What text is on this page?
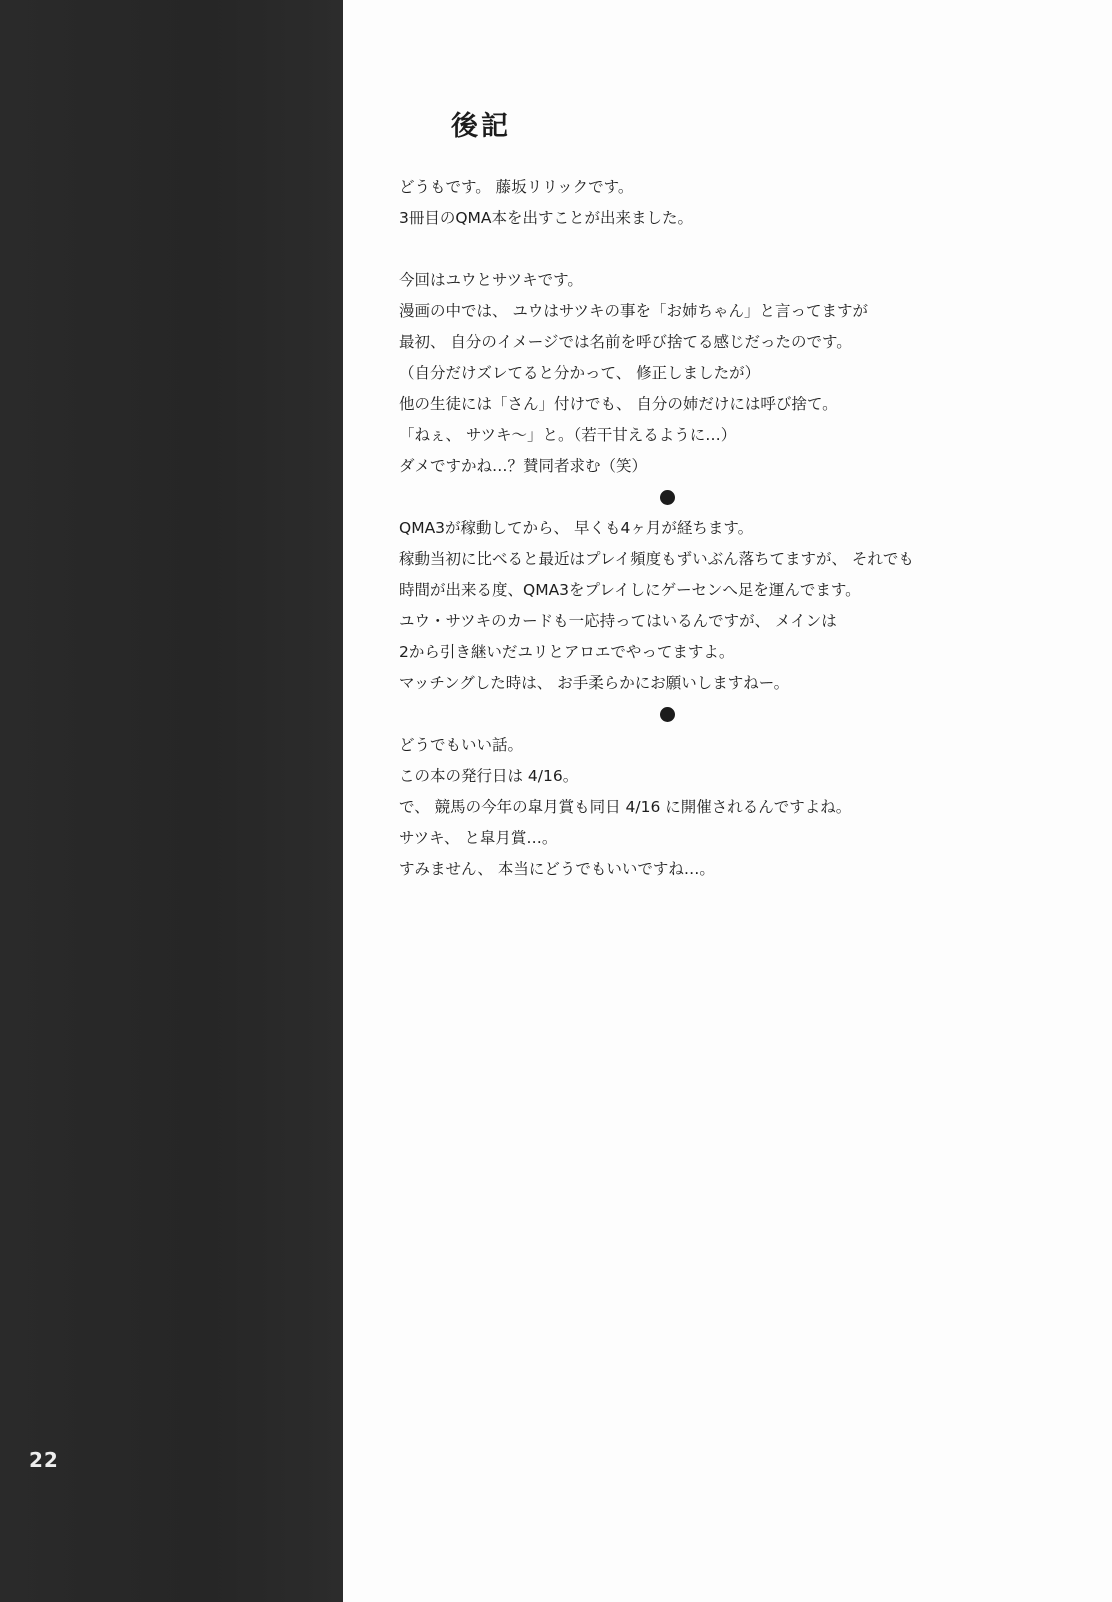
22
後記
どうもです。 藤坂リリックです。
3冊目のQMA本を出すことが出来ました。
今回はユウとサツキです。
漫画の中では、 ユウはサツキの事を「お姉ちゃん」と言ってますが
最初、 自分のイメージでは名前を呼び捨てる感じだったのです。
（自分だけズレてると分かって、 修正しましたが）
他の生徒には「さん」付けでも、 自分の姉だけには呼び捨て。
「ねぇ、 サツキ～」と。（若干甘えるように…）
ダメですかね…？賛同者求む（笑）
QMA3が稼動してから、 早くも4ヶ月が経ちます。
稼動当初に比べると最近はプレイ頻度もずいぶん落ちてますが、 それでも
時間が出来る度、QMA3をプレイしにゲーセンへ足を運んでます。
ユウ・サツキのカードも一応持ってはいるんですが、 メインは
2から引き継いだユリとアロエでやってますよ。
マッチングした時は、 お手柔らかにお願いしますねー。
どうでもいい話。
この本の発行日は 4/16。
で、 競馬の今年の皐月賞も同日 4/16 に開催されるんですよね。
サツキ、 と皐月賞…。
すみません、 本当にどうでもいいですね…。
